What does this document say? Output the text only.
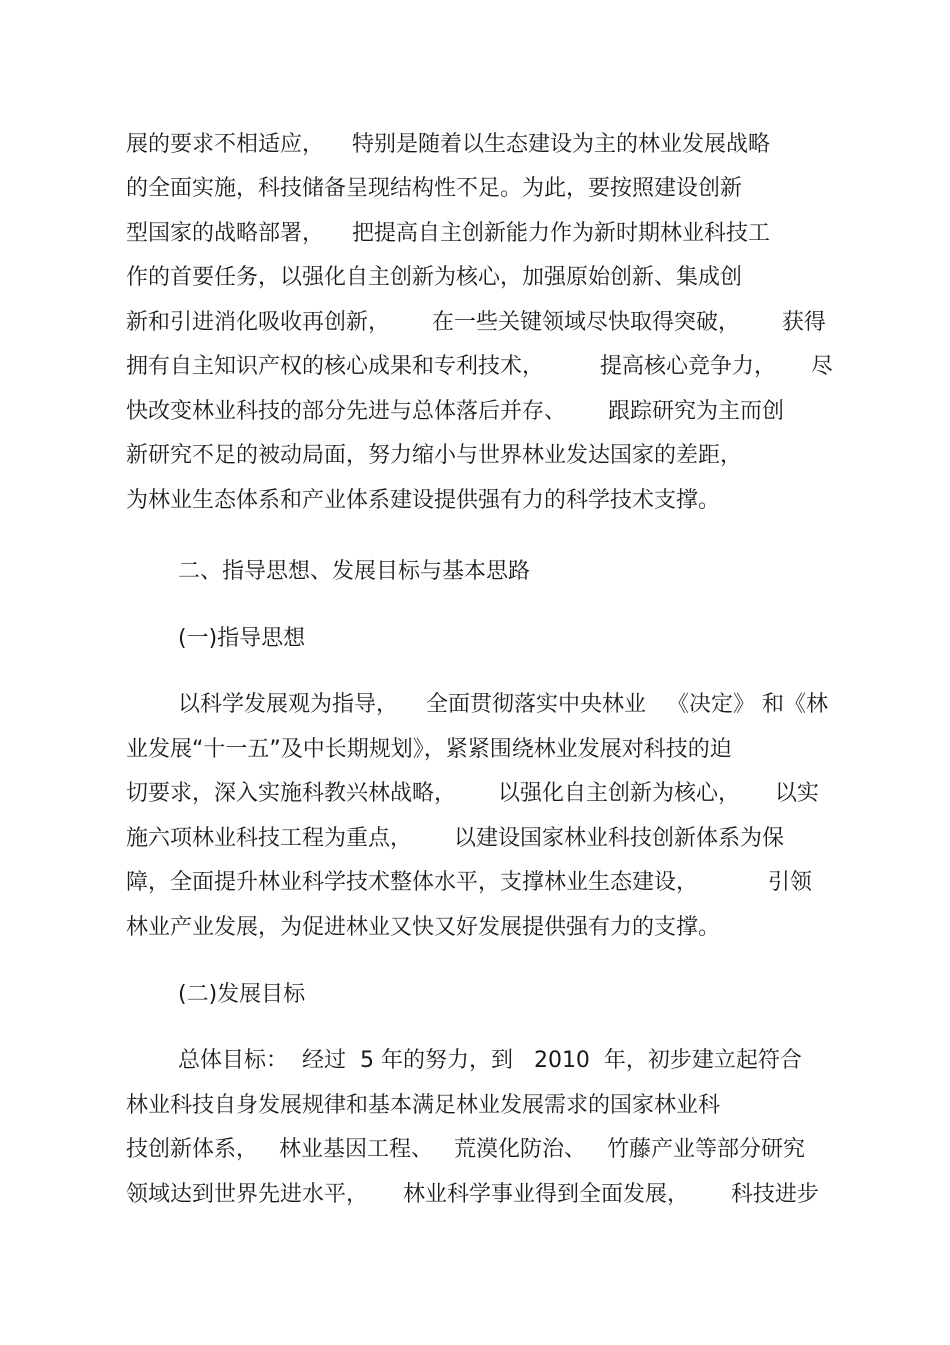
展的要求不相适应，    特别是随着以生态建设为主的林业发展战略
的全面实施，科技储备呈现结构性不足。为此，要按照建设创新
型国家的战略部署，    把提高自主创新能力作为新时期林业科技工
作的首要任务，以强化自主创新为核心，加强原始创新、集成创
新和引进消化吸收再创新，      在一些关键领域尽快取得突破，      获得
拥有自主知识产权的核心成果和专利技术，        提高核心竞争力，     尽
快改变林业科技的部分先进与总体落后并存、      跟踪研究为主而创
新研究不足的被动局面，努力缩小与世界林业发达国家的差距，
为林业生态体系和产业体系建设提供强有力的科学技术支撑。
二、指导思想、发展目标与基本思路
(一)指导思想
以科学发展观为指导，    全面贯彻落实中央林业   《决定》 和《林
业发展“十一五”及中长期规划》，紧紧围绕林业发展对科技的迫
切要求，深入实施科教兴林战略，      以强化自主创新为核心，     以实
施六项林业科技工程为重点，      以建设国家林业科技创新体系为保
障，全面提升林业科学技术整体水平，支撑林业生态建设，          引领
林业产业发展，为促进林业又快又好发展提供强有力的支撑。
(二)发展目标
总体目标：  经过  5 年的努力，到   2010  年，初步建立起符合
林业科技自身发展规律和基本满足林业发展需求的国家林业科
技创新体系，   林业基因工程、   荒漠化防治、   竹藤产业等部分研究
领域达到世界先进水平，     林业科学事业得到全面发展，      科技进步
